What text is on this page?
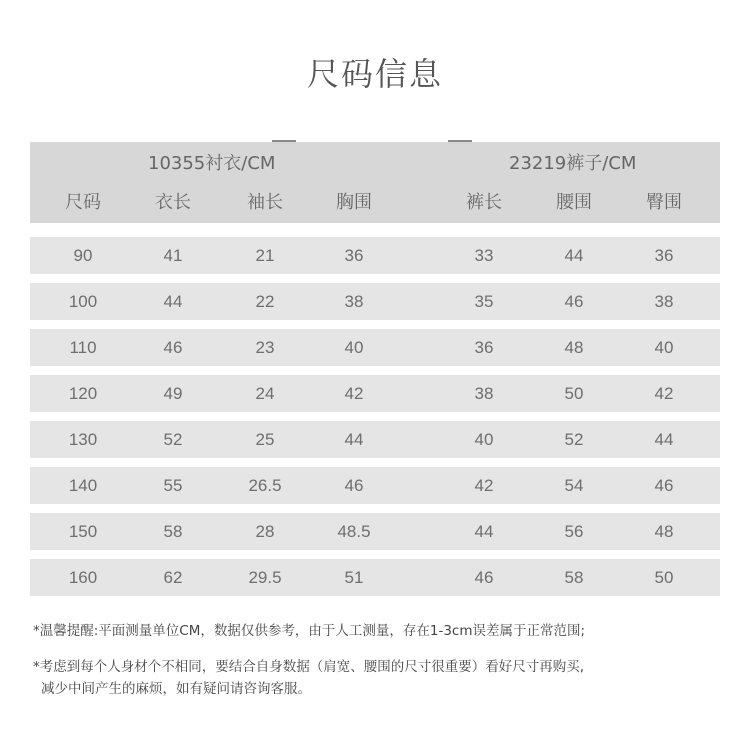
尺码信息
10355衬衣/CM	23219裤子/CM
尺码	衣长	袖长	胸围	裤长	腰围	臀围
90	41	21	36	33	44	36
100	44	22	38	35	46	38
110	46	23	40	36	48	40
120	49	24	42	38	50	42
130	52	25	44	40	52	44
140	55	26.5	46	42	54	46
150	58	28	48.5	44	56	48
160	62	29.5	51	46	58	50

*温馨提醒:平面测量单位CM，数据仅供参考，由于人工测量，存在1-3cm误差属于正常范围;

*考虑到每个人身材个不相同，要结合自身数据（肩宽、腰围的尺寸很重要）看好尺寸再购买,

减少中间产生的麻烦，如有疑问请咨询客服。
